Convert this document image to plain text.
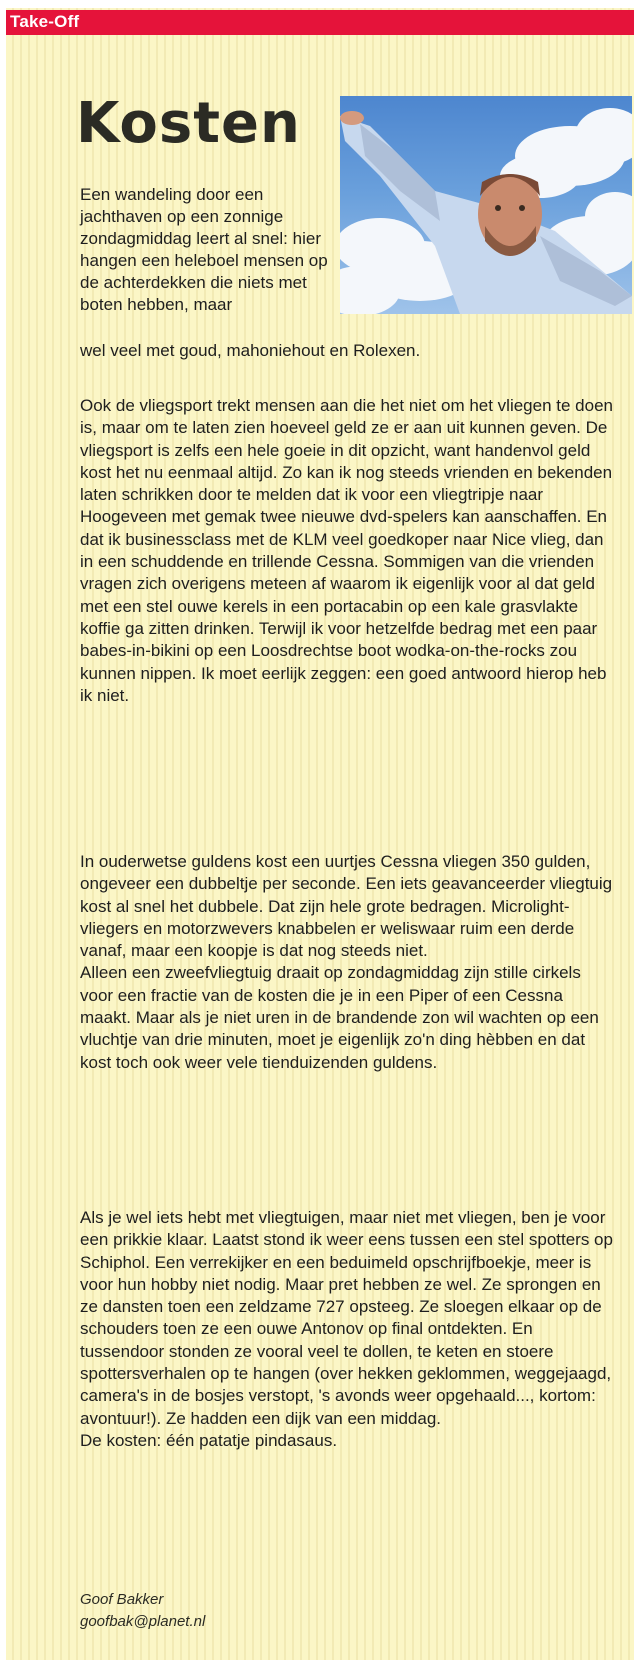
Take-Off
Kosten

Een wandeling door een jachthaven op een zonnige zondagmiddag leert al snel: hier hangen een heleboel mensen op de achterdekken die niets met boten hebben, maar

wel veel met goud, mahoniehout en Rolexen.

Ook de vliegsport trekt mensen aan die het niet om het vliegen te doen is, maar om te laten zien hoeveel geld ze er aan uit kunnen geven. De vliegsport is zelfs een hele goeie in dit opzicht, want handenvol geld kost het nu eenmaal altijd. Zo kan ik nog steeds vrienden en bekenden laten schrikken door te melden dat ik voor een vliegtripje naar Hoogeveen met gemak twee nieuwe dvd-spelers kan aanschaffen. En dat ik businessclass met de KLM veel goedkoper naar Nice vlieg, dan in een schuddende en trillende Cessna. Sommigen van die vrienden vragen zich overigens meteen af waarom ik eigenlijk voor al dat geld met een stel ouwe kerels in een portacabin op een kale grasvlakte koffie ga zitten drinken. Terwijl ik voor hetzelfde bedrag met een paar babes-in-bikini op een Loosdrechtse boot wodka-on-the-rocks zou kunnen nippen. Ik moet eerlijk zeggen: een goed antwoord hierop heb ik niet.

In ouderwetse guldens kost een uurtjes Cessna vliegen 350 gulden, ongeveer een dubbeltje per seconde. Een iets geavanceerder vliegtuig kost al snel het dubbele. Dat zijn hele grote bedragen. Microlight-vliegers en motorzwevers knabbelen er weliswaar ruim een derde vanaf, maar een koopje is dat nog steeds niet.
Alleen een zweefvliegtuig draait op zondagmiddag zijn stille cirkels voor een fractie van de kosten die je in een Piper of een Cessna maakt. Maar als je niet uren in de brandende zon wil wachten op een vluchtje van drie minuten, moet je eigenlijk zo'n ding hèbben en dat kost toch ook weer vele tienduizenden guldens.

Als je wel iets hebt met vliegtuigen, maar niet met vliegen, ben je voor een prikkie klaar. Laatst stond ik weer eens tussen een stel spotters op Schiphol. Een verrekijker en een beduimeld opschrijfboekje, meer is voor hun hobby niet nodig. Maar pret hebben ze wel. Ze sprongen en ze dansten toen een zeldzame 727 opsteeg. Ze sloegen elkaar op de schouders toen ze een ouwe Antonov op final ontdekten. En tussendoor stonden ze vooral veel te dollen, te keten en stoere spottersverhalen op te hangen (over hekken geklommen, weggejaagd, camera's in de bosjes verstopt, 's avonds weer opgehaald..., kortom: avontuur!). Ze hadden een dijk van een middag.
De kosten: één patatje pindasaus.

Goof Bakker

goofbak@planet.nl
